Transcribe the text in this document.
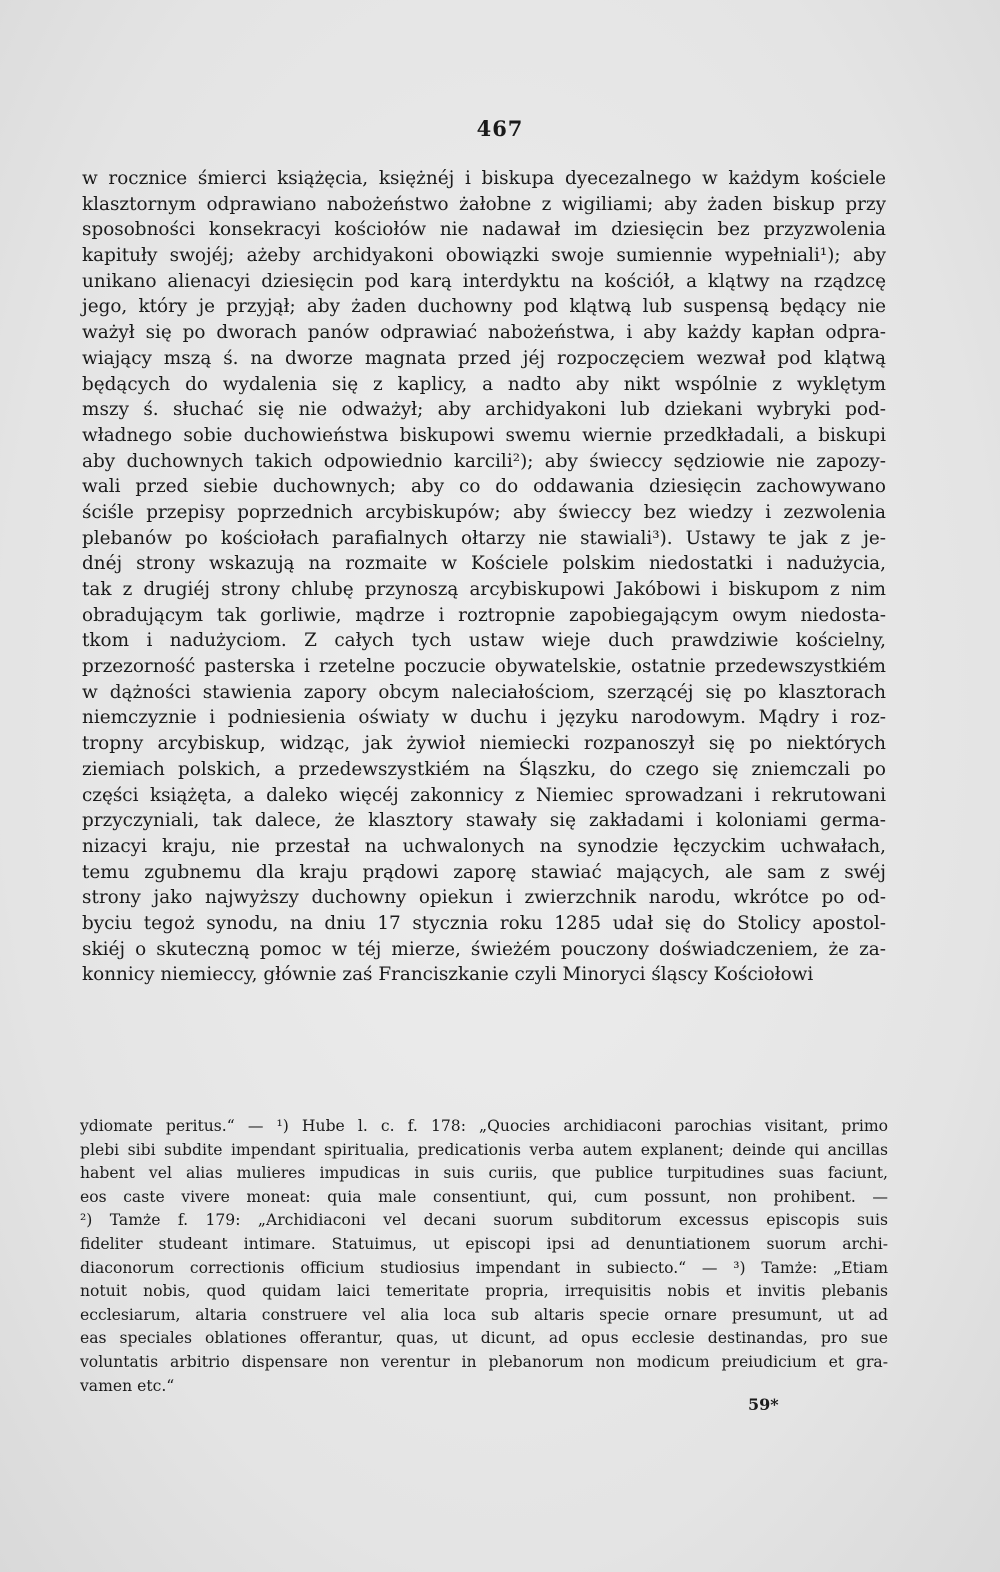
467
w rocznice śmierci książęcia, księżnéj i biskupa dyecezalnego w każdym kościele
klasztornym odprawiano nabożeństwo żałobne z wigiliami; aby żaden biskup przy
sposobności konsekracyi kościołów nie nadawał im dziesięcin bez przyzwolenia
kapituły swojéj; ażeby archidyakoni obowiązki swoje sumiennie wypełniali¹); aby
unikano alienacyi dziesięcin pod karą interdyktu na kościół, a klątwy na rządzcę
jego, który je przyjął; aby żaden duchowny pod klątwą lub suspensą będący nie
ważył się po dworach panów odprawiać nabożeństwa, i aby każdy kapłan odpra-
wiający mszą ś. na dworze magnata przed jéj rozpoczęciem wezwał pod klątwą
będących do wydalenia się z kaplicy, a nadto aby nikt wspólnie z wyklętym
mszy ś. słuchać się nie odważył; aby archidyakoni lub dziekani wybryki pod-
władnego sobie duchowieństwa biskupowi swemu wiernie przedkładali, a biskupi
aby duchownych takich odpowiednio karcili²); aby świeccy sędziowie nie zapozy-
wali przed siebie duchownych; aby co do oddawania dziesięcin zachowywano
ściśle przepisy poprzednich arcybiskupów; aby świeccy bez wiedzy i zezwolenia
plebanów po kościołach parafialnych ołtarzy nie stawiali³). Ustawy te jak z je-
dnéj strony wskazują na rozmaite w Kościele polskim niedostatki i nadużycia,
tak z drugiéj strony chlubę przynoszą arcybiskupowi Jakóbowi i biskupom z nim
obradującym tak gorliwie, mądrze i roztropnie zapobiegającym owym niedosta-
tkom i nadużyciom. Z całych tych ustaw wieje duch prawdziwie kościelny,
przezorność pasterska i rzetelne poczucie obywatelskie, ostatnie przedewszystkiém
w dążności stawienia zapory obcym naleciałościom, szerzącéj się po klasztorach
niemczyznie i podniesienia oświaty w duchu i języku narodowym. Mądry i roz-
tropny arcybiskup, widząc, jak żywioł niemiecki rozpanoszył się po niektórych
ziemiach polskich, a przedewszystkiém na Śląszku, do czego się zniemczali po
części książęta, a daleko więcéj zakonnicy z Niemiec sprowadzani i rekrutowani
przyczyniali, tak dalece, że klasztory stawały się zakładami i koloniami germa-
nizacyi kraju, nie przestał na uchwalonych na synodzie łęczyckim uchwałach,
temu zgubnemu dla kraju prądowi zaporę stawiać mających, ale sam z swéj
strony jako najwyższy duchowny opiekun i zwierzchnik narodu, wkrótce po od-
byciu tegoż synodu, na dniu 17 stycznia roku 1285 udał się do Stolicy apostol-
skiéj o skuteczną pomoc w téj mierze, świeżém pouczony doświadczeniem, że za-
konnicy niemieccy, głównie zaś Franciszkanie czyli Minoryci śląscy Kościołowi
ydiomate peritus.“ — ¹) Hube l. c. f. 178: „Quocies archidiaconi parochias visitant, primo
plebi sibi subdite impendant spiritualia, predicationis verba autem explanent; deinde qui ancillas
habent vel alias mulieres impudicas in suis curiis, que publice turpitudines suas faciunt,
eos caste vivere moneat: quia male consentiunt, qui, cum possunt, non prohibent. —
²) Tamże f. 179: „Archidiaconi vel decani suorum subditorum excessus episcopis suis
fideliter studeant intimare. Statuimus, ut episcopi ipsi ad denuntiationem suorum archi-
diaconorum correctionis officium studiosius impendant in subiecto.“ — ³) Tamże: „Etiam
notuit nobis, quod quidam laici temeritate propria, irrequisitis nobis et invitis plebanis
ecclesiarum, altaria construere vel alia loca sub altaris specie ornare presumunt, ut ad
eas speciales oblationes offerantur, quas, ut dicunt, ad opus ecclesie destinandas, pro sue
voluntatis arbitrio dispensare non verentur in plebanorum non modicum preiudicium et gra-
vamen etc.“
59*
